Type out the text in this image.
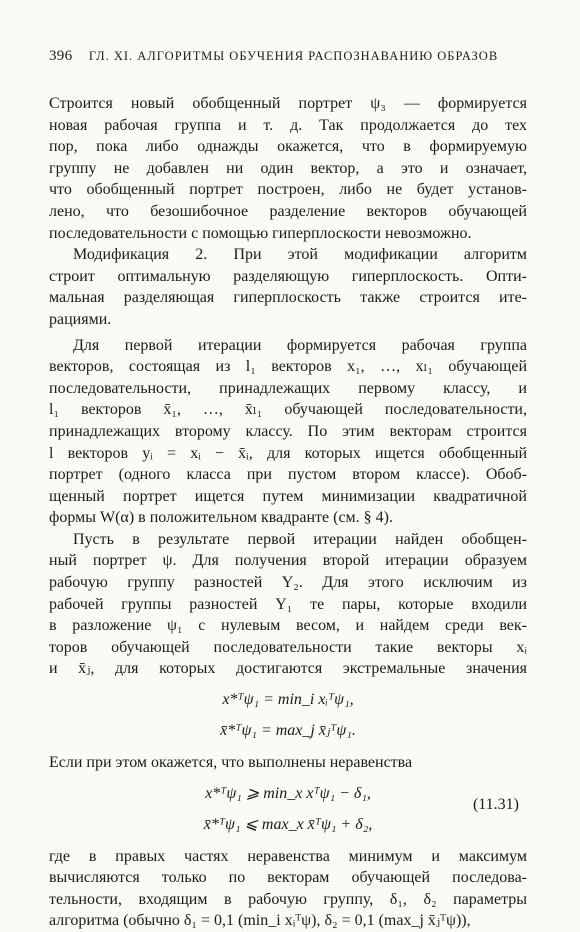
396 ГЛ. XI. АЛГОРИТМЫ ОБУЧЕНИЯ РАСПОЗНАВАНИЮ ОБРАЗОВ
Строится новый обобщенный портрет ψ₃ — формируется
новая рабочая группа и т. д. Так продолжается до тех
пор, пока либо однажды окажется, что в формируемую
группу не добавлен ни один вектор, а это и означает,
что обобщенный портрет построен, либо не будет установ-
лено, что безошибочное разделение векторов обучающей
последовательности с помощью гиперплоскости невозможно.
Модификация 2. При этой модификации алгоритм
строит оптимальную разделяющую гиперплоскость. Опти-
мальная разделяющая гиперплоскость также строится ите-
рациями.
Для первой итерации формируется рабочая группа
векторов, состоящая из l₁ векторов x₁, …, xₗ₁ обучающей
последовательности, принадлежащих первому классу, и
l₁ векторов x̄₁, …, x̄ₗ₁ обучающей последовательности,
принадлежащих второму классу. По этим векторам строится
l векторов yᵢ = xᵢ − x̄ᵢ, для которых ищется обобщенный
портрет (одного класса при пустом втором классе). Обоб-
щенный портрет ищется путем минимизации квадратичной
формы W(α) в положительном квадранте (см. § 4).
Пусть в результате первой итерации найден обобщен-
ный портрет ψ. Для получения второй итерации образуем
рабочую группу разностей Y₂. Для этого исключим из
рабочей группы разностей Y₁ те пары, которые входили
в разложение ψ₁ с нулевым весом, и найдем среди век-
торов обучающей последовательности такие векторы xᵢ
и x̄ⱼ, для которых достигаются экстремальные значения
x*ᵀψ₁ = min_i xᵢᵀψ₁,
x̄*ᵀψ₁ = max_j x̄ⱼᵀψ₁.
Если при этом окажется, что выполнены неравенства
x*ᵀψ₁ ⩾ min_x xᵀψ₁ − δ₁,
x̄*ᵀψ₁ ⩽ max_x x̄ᵀψ₁ + δ₂,
(11.31)
где в правых частях неравенства минимум и максимум
вычисляются только по векторам обучающей последова-
тельности, входящим в рабочую группу, δ₁, δ₂ параметры
алгоритма (обычно δ₁ = 0,1 (min_i xᵢᵀψ), δ₂ = 0,1 (max_j x̄ⱼᵀψ)),
